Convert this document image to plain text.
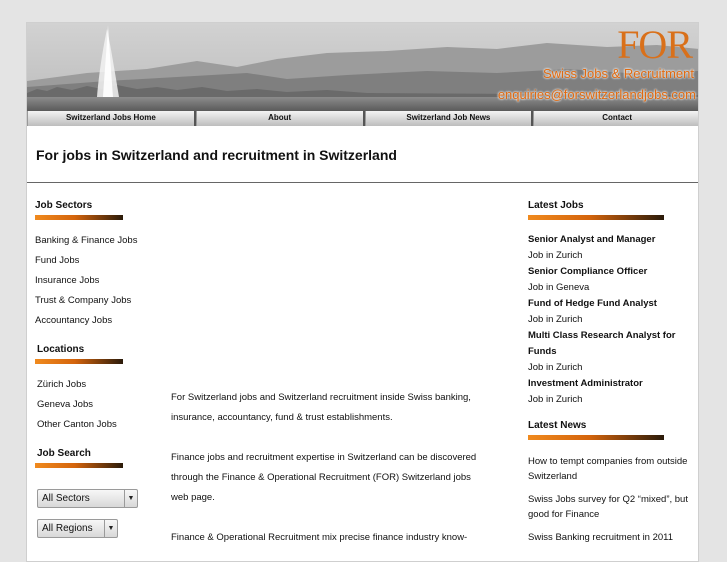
FOR
Swiss Jobs & Recruitment
enquiries@forswitzerlandjobs.com
Switzerland Jobs Home	About	Switzerland Job News	Contact
For jobs in Switzerland and recruitment in Switzerland
Job Sectors
Banking & Finance Jobs
Fund Jobs
Insurance Jobs
Trust & Company Jobs
Accountancy Jobs
Locations
Zürich Jobs
Geneva Jobs
Other Canton Jobs
Job Search
All Sectors	▼
All Regions	▼
For Switzerland jobs and Switzerland recruitment inside Swiss banking,
insurance, accountancy, fund & trust establishments.
Finance jobs and recruitment expertise in Switzerland can be discovered
through the Finance & Operational Recruitment (FOR) Switzerland jobs
web page.
Finance & Operational Recruitment mix precise finance industry know-
Latest Jobs
Senior Analyst and Manager
Job in Zurich
Senior Compliance Officer
Job in Geneva
Fund of Hedge Fund Analyst
Job in Zurich
Multi Class Research Analyst for
Funds
Job in Zurich
Investment Administrator
Job in Zurich
Latest News
How to tempt companies from outside
Switzerland
Swiss Jobs survey for Q2 “mixed”, but
good for Finance
Swiss Banking recruitment in 2011
